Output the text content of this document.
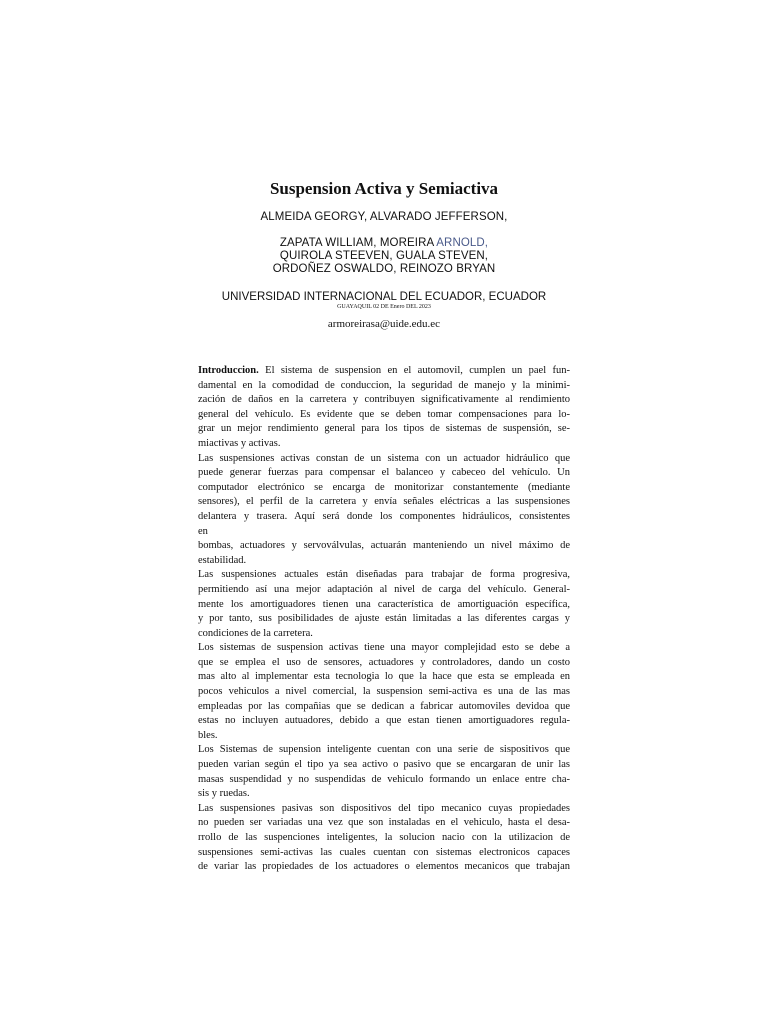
Suspension Activa y Semiactiva
ALMEIDA GEORGY, ALVARADO JEFFERSON,
ZAPATA WILLIAM, MOREIRA ARNOLD,
QUIROLA STEEVEN, GUALA STEVEN,
ORDOÑEZ OSWALDO, REINOZO BRYAN
UNIVERSIDAD INTERNACIONAL DEL ECUADOR, ECUADOR
GUAYAQUIL 02 DE Enero DEL 2023
armoreirasa@uide.edu.ec
Introduccion. El sistema de suspension en el automovil, cumplen un pael fun-
damental en la comodidad de conduccion, la seguridad de manejo y la minimi-
zación de daños en la carretera y contribuyen significativamente al rendimiento
general del vehículo. Es evidente que se deben tomar compensaciones para lo-
grar un mejor rendimiento general para los tipos de sistemas de suspensión, se-
miactivas y activas.
Las suspensiones activas constan de un sistema con un actuador hidráulico que
puede generar fuerzas para compensar el balanceo y cabeceo del vehículo. Un
computador electrónico se encarga de monitorizar constantemente (mediante
sensores), el perfil de la carretera y envía señales eléctricas a las suspensiones
delantera y trasera. Aquí será donde los componentes hidráulicos, consistentes
en
bombas, actuadores y servoválvulas, actuarán manteniendo un nivel máximo de
estabilidad.
Las suspensiones actuales están diseñadas para trabajar de forma progresiva,
permitiendo así una mejor adaptación al nivel de carga del vehículo. General-
mente los amortiguadores tienen una característica de amortiguación específica,
y por tanto, sus posibilidades de ajuste están limitadas a las diferentes cargas y
condiciones de la carretera.
Los sistemas de suspension activas tiene una mayor complejidad esto se debe a
que se emplea el uso de sensores, actuadores y controladores, dando un costo
mas alto al implementar esta tecnologia lo que la hace que esta se empleada en
pocos vehiculos a nivel comercial, la suspension semi-activa es una de las mas
empleadas por las compañias que se dedican a fabricar automoviles devidoa que
estas no incluyen autuadores, debido a que estan tienen amortiguadores regula-
bles.
Los Sistemas de supension inteligente cuentan con una serie de sispositivos que
pueden varian según el tipo ya sea activo o pasivo que se encargaran de unir las
masas suspendidad y no suspendidas de vehiculo formando un enlace entre cha-
sis y ruedas.
Las suspensiones pasivas son dispositivos del tipo mecanico cuyas propiedades
no pueden ser variadas una vez que son instaladas en el vehiculo, hasta el desa-
rrollo de las suspenciones inteligentes, la solucion nacio con la utilizacion de
suspensiones semi-activas las cuales cuentan con sistemas electronicos capaces
de variar las propiedades de los actuadores o elementos mecanicos que trabajan
